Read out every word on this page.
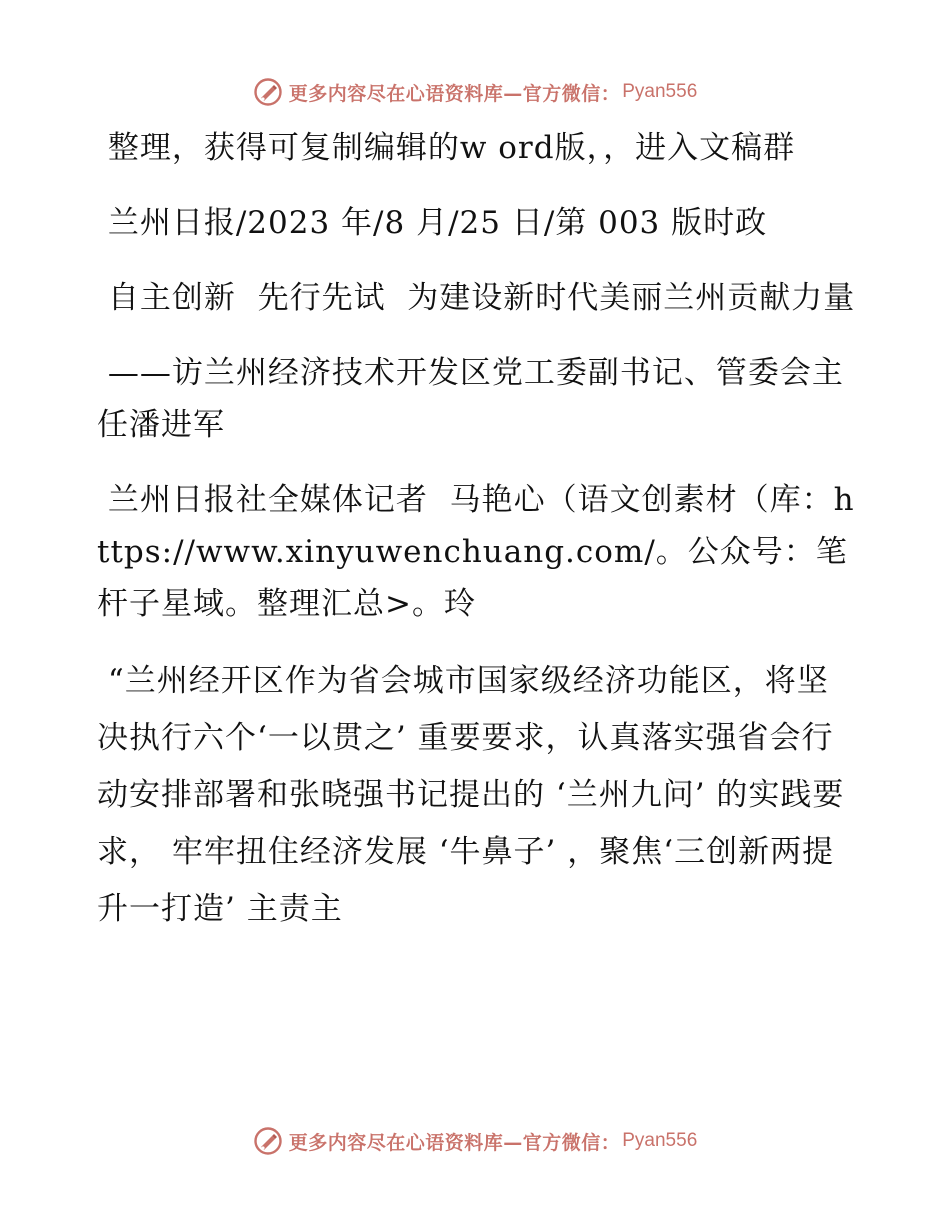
更多内容尽在心语资料库—官方微信： Pyan556

整理，获得可复制编辑的w ord版，，进入文稿群

兰州日报/2023 年/8 月/25 日/第 003 版时政

自主创新  先行先试  为建设新时代美丽兰州贡献力量

——访兰州经济技术开发区党工委副书记、管委会主任潘进军

兰州日报社全媒体记者  马艳心（语文创素材（库：https://www.xinyuwenchuang.com/。公众号：笔杆子星域。整理汇总>。玲

“兰州经开区作为省会城市国家级经济功能区，将坚决执行六个‘一以贯之’ 重要要求，认真落实强省会行动安排部署和张晓强书记提出的 ‘兰州九问’ 的实践要求， 牢牢扭住经济发展 ‘牛鼻子’ ，聚焦‘三创新两提升一打造’ 主责主

更多内容尽在心语资料库—官方微信： Pyan556
